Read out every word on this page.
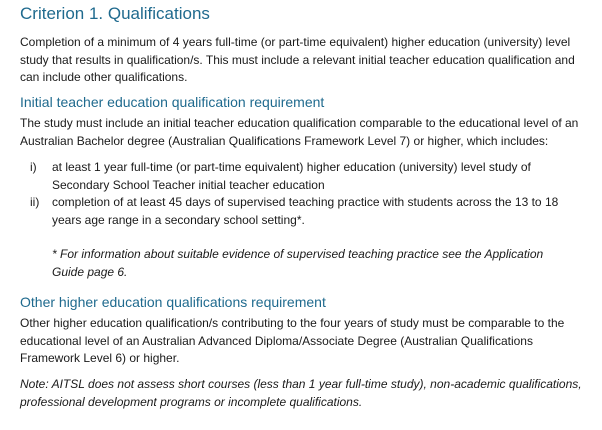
Criterion 1. Qualifications

Completion of a minimum of 4 years full-time (or part-time equivalent) higher education (university) level study that results in qualification/s. This must include a relevant initial teacher education qualification and can include other qualifications.

Initial teacher education qualification requirement

The study must include an initial teacher education qualification comparable to the educational level of an Australian Bachelor degree (Australian Qualifications Framework Level 7) or higher, which includes:

i)	at least 1 year full-time (or part-time equivalent) higher education (university) level study of Secondary School Teacher initial teacher education
ii)	completion of at least 45 days of supervised teaching practice with students across the 13 to 18 years age range in a secondary school setting*.
* For information about suitable evidence of supervised teaching practice see the Application Guide page 6.
Other higher education qualifications requirement

Other higher education qualification/s contributing to the four years of study must be comparable to the educational level of an Australian Advanced Diploma/Associate Degree (Australian Qualifications Framework Level 6) or higher.

Note: AITSL does not assess short courses (less than 1 year full-time study), non-academic qualifications, professional development programs or incomplete qualifications.
